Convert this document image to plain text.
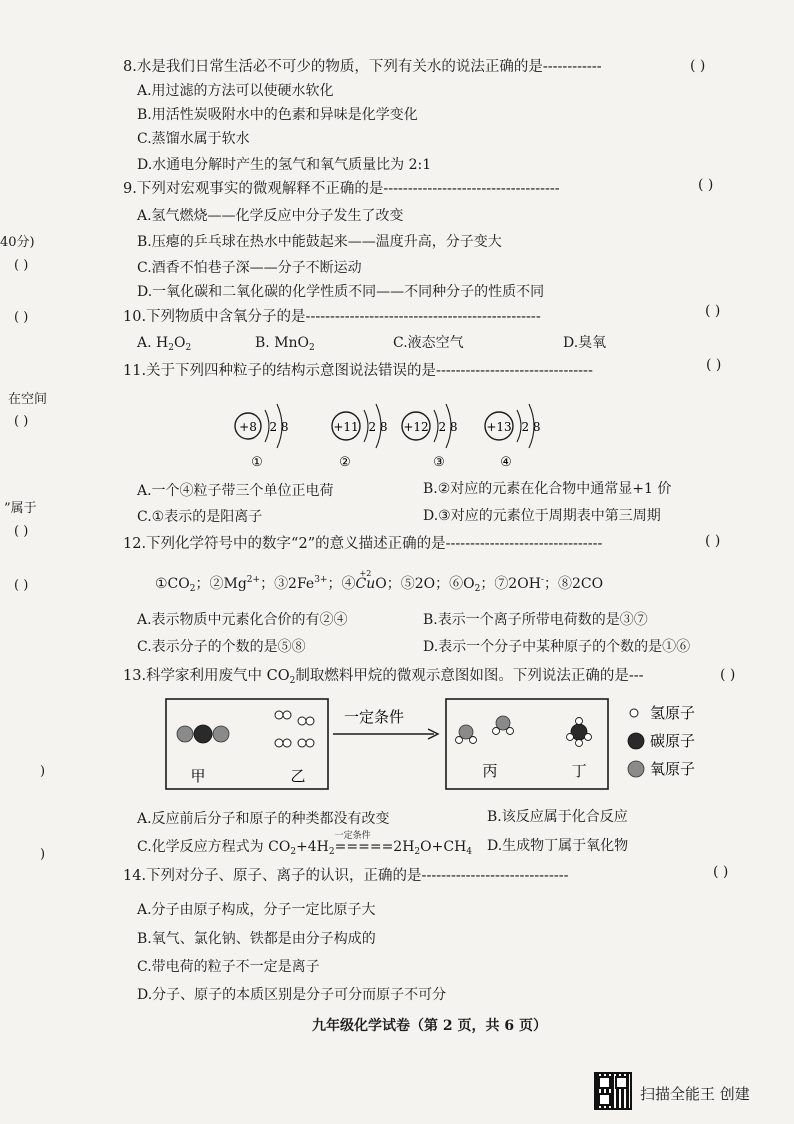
40分)
( )
( )
在空间
( )
”属于
( )
( )
)
)
8.水是我们日常生活必不可少的物质，下列有关水的说法正确的是------------	( )
A.用过滤的方法可以使硬水软化
B.用活性炭吸附水中的色素和异味是化学变化
C.蒸馏水属于软水
D.水通电分解时产生的氢气和氧气质量比为 2:1
9.下列对宏观事实的微观解释不正确的是------------------------------------	( )
A.氢气燃烧——化学反应中分子发生了改变
B.压瘪的乒乓球在热水中能鼓起来——温度升高，分子变大
C.酒香不怕巷子深——分子不断运动
D.一氧化碳和二氧化碳的化学性质不同——不同种分子的性质不同
10.下列物质中含氧分子的是------------------------------------------------	( )
A. $H_2O_2$	B. MnO$_2$	C.液态空气	D.臭氧
11.关于下列四种粒子的结构示意图说法错误的是--------------------------------	( )
+8 2 8
①
+11 2 8
②
+12 2 8
③
+13 2 8
④
A.一个④粒子带三个单位正电荷	B.②对应的元素在化合物中通常显+1 价
C.①表示的是阳离子	D.③对应的元素位于周期表中第三周期
12.下列化学符号中的数字“2”的意义描述正确的是--------------------------------	( )
$①CO_2$；$②Mg^{2+}$；$③2Fe^{3+}$；④
+2
CuO；⑤2O；$⑥O_2$；⑦2OH-；⑧2CO
A.表示物质中元素化合价的有②④	B.表示一个离子所带电荷数的是③⑦
C.表示分子的个数的是⑤⑧	D.表示一个分子中某种原子的个数的是①⑥
13.科学家利用废气中 $CO_2$制取燃料甲烷的微观示意图如图。下列说法正确的是---	( )
甲	乙
一定条件
丙	丁
氢原子
碳原子
氧原子
A.反应前后分子和原子的种类都没有改变	B.该反应属于化合反应
C.化学反应方程式为 $CO_2+4H_2$
一定条件
$=====2H_2O+CH_4$ D.生成物丁属于氧化物
14.下列对分子、原子、离子的认识，正确的是------------------------------	( )
A.分子由原子构成，分子一定比原子大
B.氧气、氯化钠、铁都是由分子构成的
C.带电荷的粒子不一定是离子
D.分子、原子的本质区别是分子可分而原子不可分
九年级化学试卷（第 2 页，共 6 页）
扫描全能王 创建
